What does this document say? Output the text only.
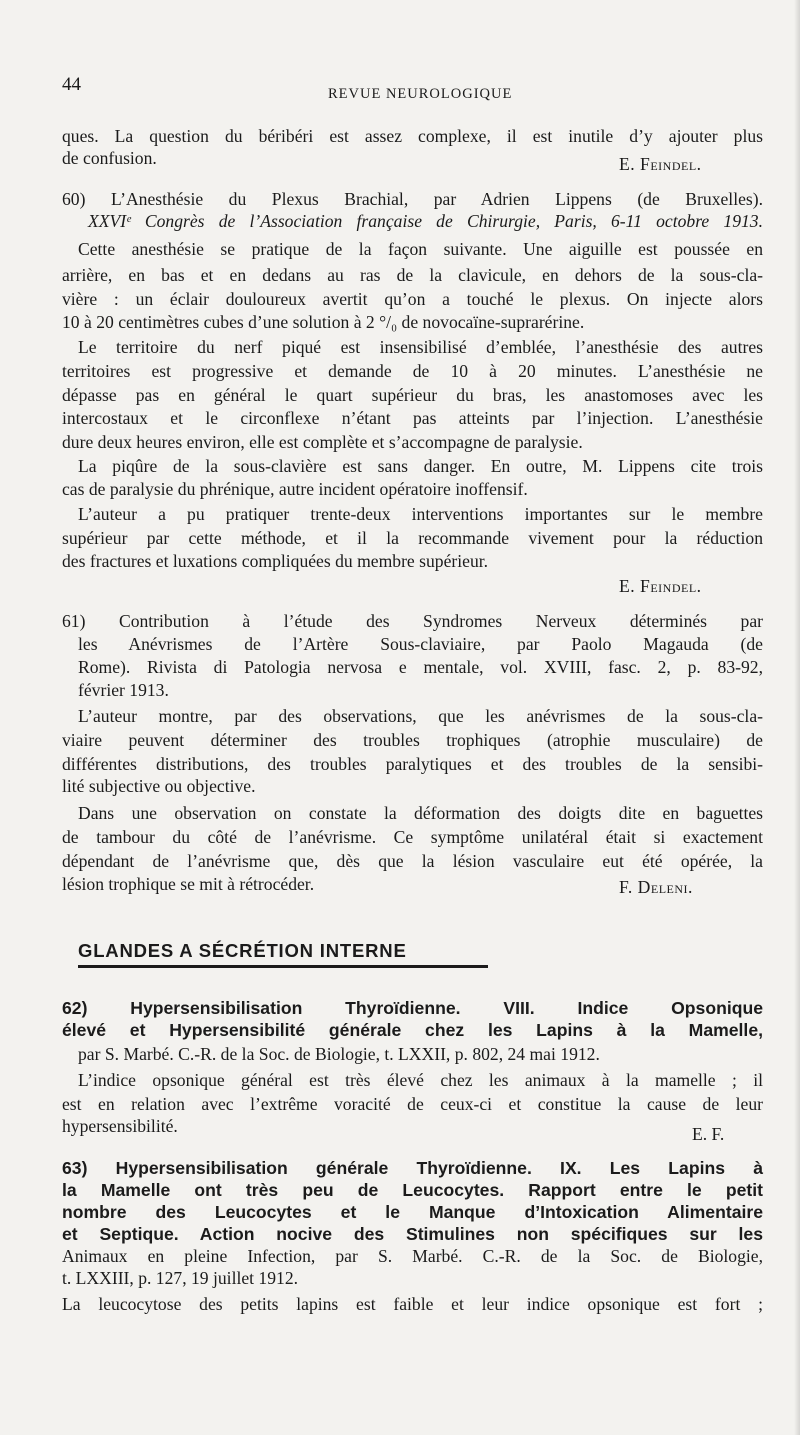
44	REVUE NEUROLOGIQUE
ques. La question du béribéri est assez complexe, il est inutile d’y ajouter plus
de confusion.	E. Feindel.
60) L’Anesthésie du Plexus Brachial, par Adrien Lippens (de Bruxelles).
XXVIᵉ Congrès de l’Association française de Chirurgie, Paris, 6-11 octobre 1913.
Cette anesthésie se pratique de la façon suivante. Une aiguille est poussée en
arrière, en bas et en dedans au ras de la clavicule, en dehors de la sous-cla-
vière : un éclair douloureux avertit qu’on a touché le plexus. On injecte alors
10 à 20 centimètres cubes d’une solution à 2 °/₀ de novocaïne-suprarérine.
Le territoire du nerf piqué est insensibilisé d’emblée, l’anesthésie des autres
territoires est progressive et demande de 10 à 20 minutes. L’anesthésie ne
dépasse pas en général le quart supérieur du bras, les anastomoses avec les
intercostaux et le circonflexe n’étant pas atteints par l’injection. L’anesthésie
dure deux heures environ, elle est complète et s’accompagne de paralysie.
La piqûre de la sous-clavière est sans danger. En outre, M. Lippens cite trois
cas de paralysie du phrénique, autre incident opératoire inoffensif.
L’auteur a pu pratiquer trente-deux interventions importantes sur le membre
supérieur par cette méthode, et il la recommande vivement pour la réduction
des fractures et luxations compliquées du membre supérieur.
E. Feindel.
61) Contribution à l’étude des Syndromes Nerveux déterminés par
les Anévrismes de l’Artère Sous-claviaire, par Paolo Magauda (de
Rome). Rivista di Patologia nervosa e mentale, vol. XVIII, fasc. 2, p. 83-92,
février 1913.
L’auteur montre, par des observations, que les anévrismes de la sous-cla-
viaire peuvent déterminer des troubles trophiques (atrophie musculaire) de
différentes distributions, des troubles paralytiques et des troubles de la sensibi-
lité subjective ou objective.
Dans une observation on constate la déformation des doigts dite en baguettes
de tambour du côté de l’anévrisme. Ce symptôme unilatéral était si exactement
dépendant de l’anévrisme que, dès que la lésion vasculaire eut été opérée, la
lésion trophique se mit à rétrocéder.	F. Deleni.
GLANDES A SÉCRÉTION INTERNE
62) Hypersensibilisation Thyroïdienne. VIII. Indice Opsonique
élevé et Hypersensibilité générale chez les Lapins à la Mamelle,
par S. Marbé. C.-R. de la Soc. de Biologie, t. LXXII, p. 802, 24 mai 1912.
L’indice opsonique général est très élevé chez les animaux à la mamelle ; il
est en relation avec l’extrême voracité de ceux-ci et constitue la cause de leur
hypersensibilité.	E. F.
63) Hypersensibilisation générale Thyroïdienne. IX. Les Lapins à
la Mamelle ont très peu de Leucocytes. Rapport entre le petit
nombre des Leucocytes et le Manque d’Intoxication Alimentaire
et Septique. Action nocive des Stimulines non spécifiques sur les
Animaux en pleine Infection, par S. Marbé. C.-R. de la Soc. de Biologie,
t. LXXIII, p. 127, 19 juillet 1912.
La leucocytose des petits lapins est faible et leur indice opsonique est fort ;
